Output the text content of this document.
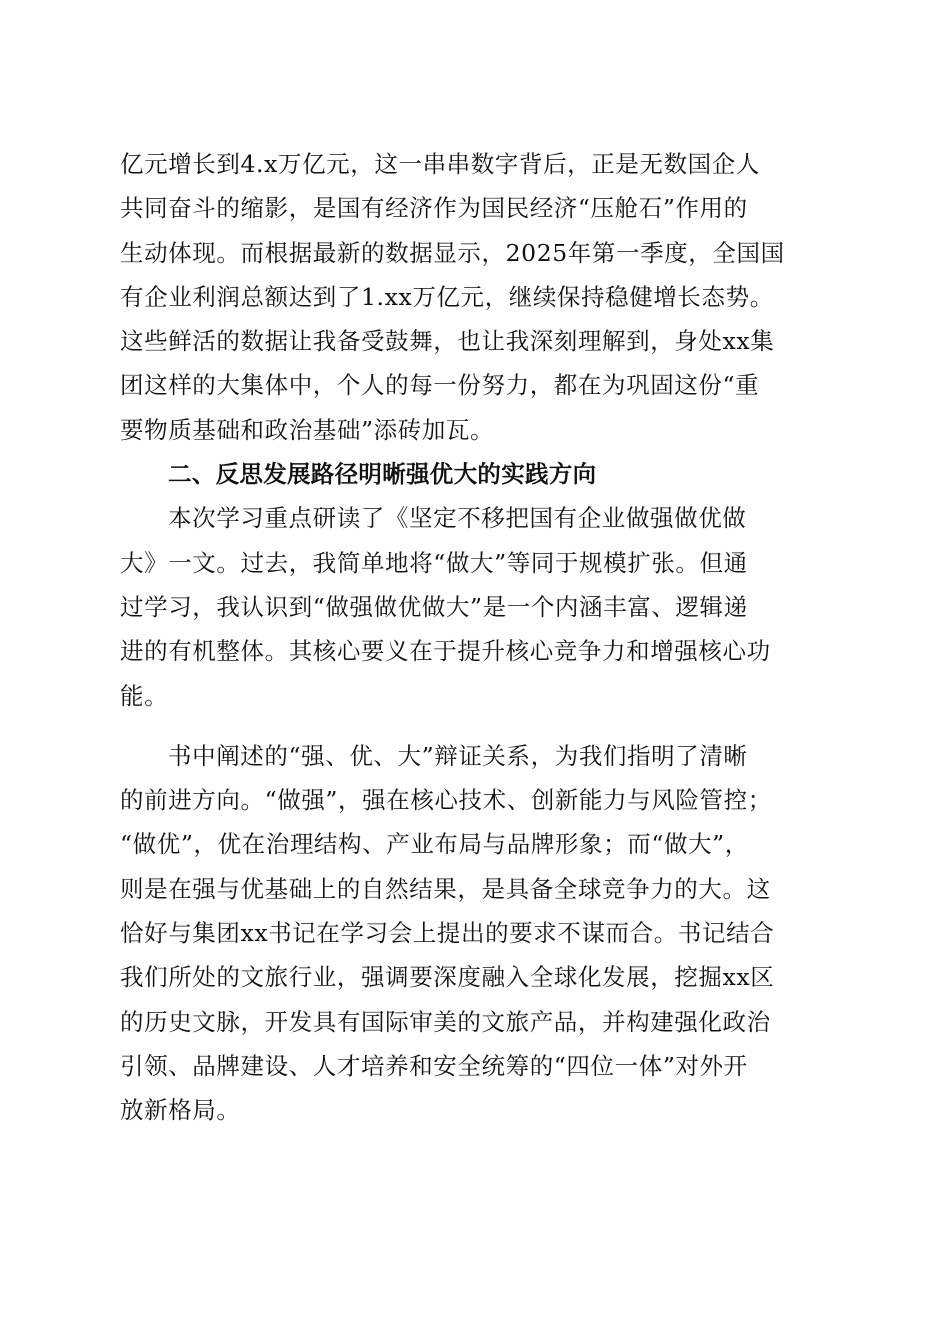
亿元增长到4.x万亿元，这一串串数字背后，正是无数国企人
共同奋斗的缩影，是国有经济作为国民经济“压舱石”作用的
生动体现。而根据最新的数据显示，2025年第一季度，全国国
有企业利润总额达到了1.xx万亿元，继续保持稳健增长态势。
这些鲜活的数据让我备受鼓舞，也让我深刻理解到，身处xx集
团这样的大集体中，个人的每一份努力，都在为巩固这份“重
要物质基础和政治基础”添砖加瓦。
二、反思发展路径明晰强优大的实践方向
本次学习重点研读了《坚定不移把国有企业做强做优做
大》一文。过去，我简单地将“做大”等同于规模扩张。但通
过学习，我认识到“做强做优做大”是一个内涵丰富、逻辑递
进的有机整体。其核心要义在于提升核心竞争力和增强核心功
能。
书中阐述的“强、优、大”辩证关系，为我们指明了清晰
的前进方向。“做强”，强在核心技术、创新能力与风险管控；
“做优”，优在治理结构、产业布局与品牌形象；而“做大”，
则是在强与优基础上的自然结果，是具备全球竞争力的大。这
恰好与集团xx书记在学习会上提出的要求不谋而合。书记结合
我们所处的文旅行业，强调要深度融入全球化发展，挖掘xx区
的历史文脉，开发具有国际审美的文旅产品，并构建强化政治
引领、品牌建设、人才培养和安全统筹的“四位一体”对外开
放新格局。
